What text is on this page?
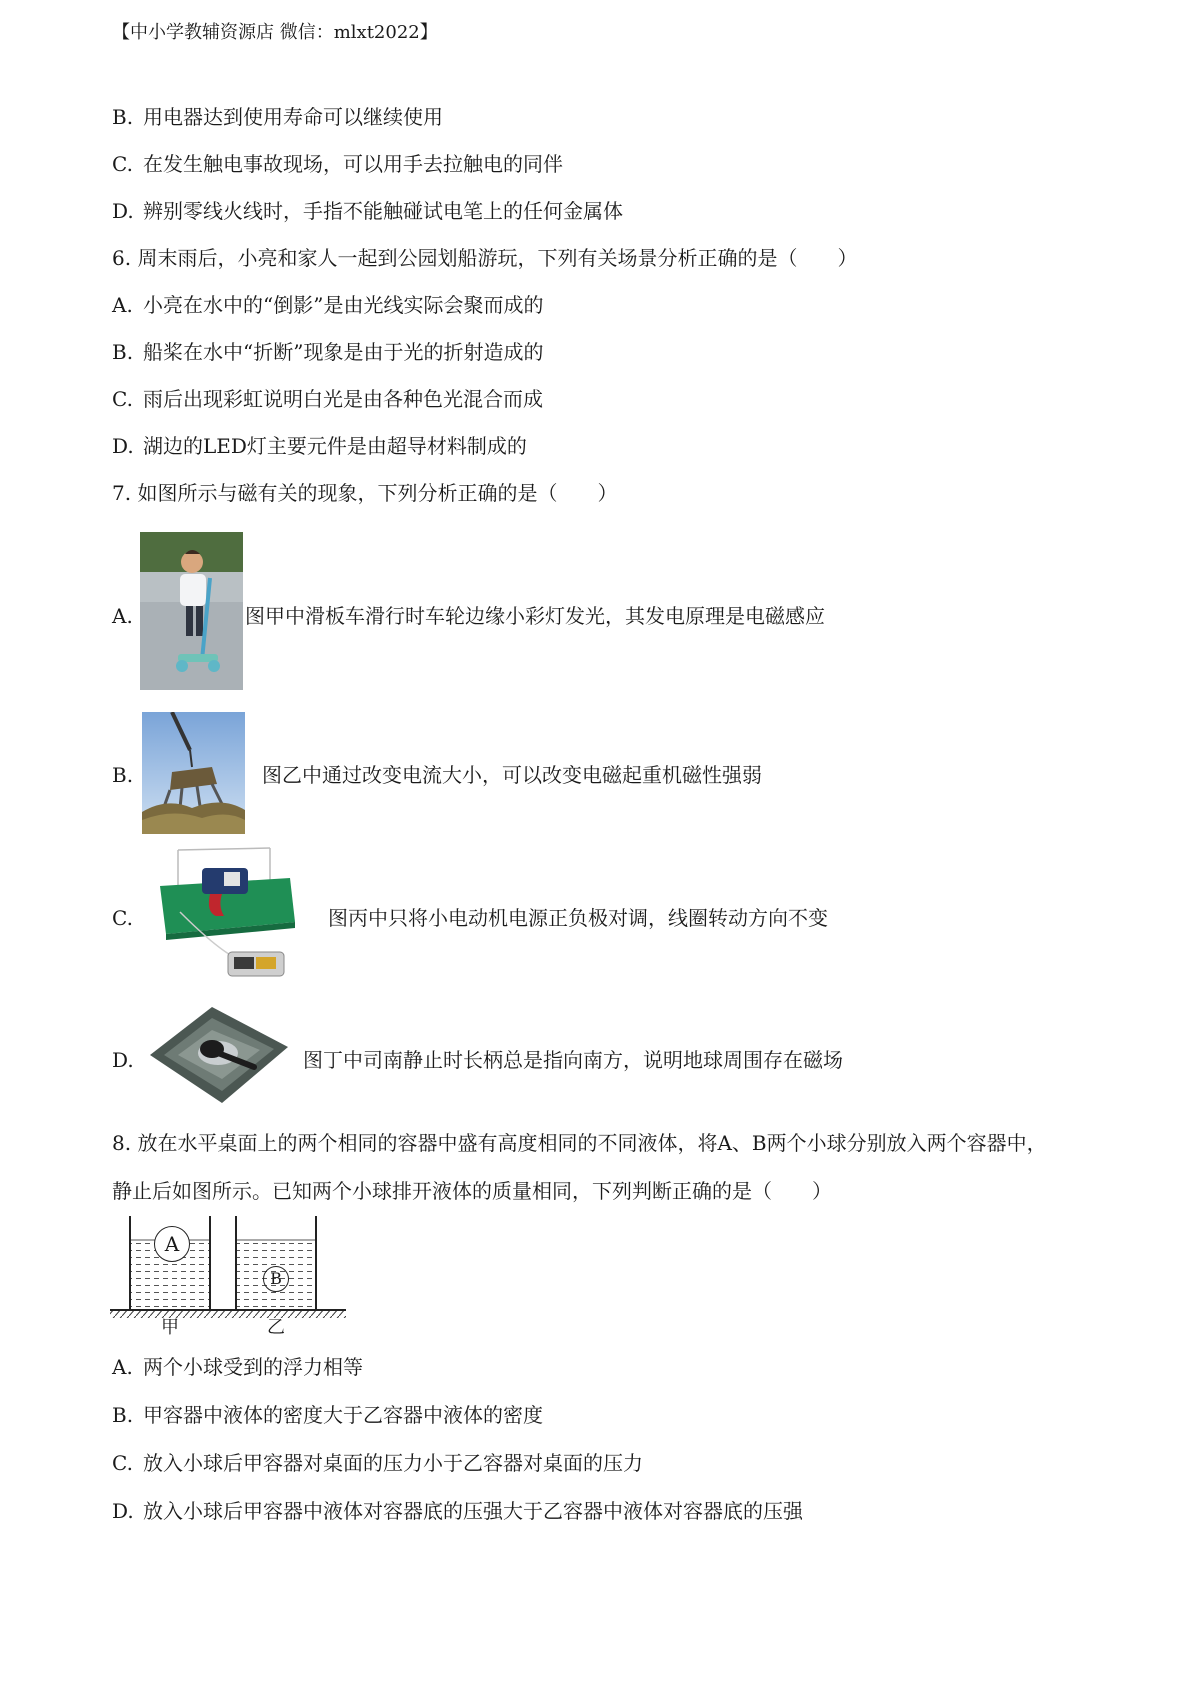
【中小学教辅资源店 微信：mlxt2022】
B. 用电器达到使用寿命可以继续使用
C. 在发生触电事故现场，可以用手去拉触电的同伴
D. 辨别零线火线时，手指不能触碰试电笔上的任何金属体
6. 周末雨后，小亮和家人一起到公园划船游玩，下列有关场景分析正确的是（　　）
A. 小亮在水中的“倒影”是由光线实际会聚而成的
B. 船桨在水中“折断”现象是由于光的折射造成的
C. 雨后出现彩虹说明白光是由各种色光混合而成
D. 湖边的LED灯主要元件是由超导材料制成的
7. 如图所示与磁有关的现象，下列分析正确的是（　　）
A.	图甲中滑板车滑行时车轮边缘小彩灯发光，其发电原理是电磁感应
B.	图乙中通过改变电流大小，可以改变电磁起重机磁性强弱
C.	图丙中只将小电动机电源正负极对调，线圈转动方向不变
D.	图丁中司南静止时长柄总是指向南方，说明地球周围存在磁场
8. 放在水平桌面上的两个相同的容器中盛有高度相同的不同液体，将A、B两个小球分别放入两个容器中，
静止后如图所示。已知两个小球排开液体的质量相同，下列判断正确的是（　　）
A
B
甲	乙
A. 两个小球受到的浮力相等
B. 甲容器中液体的密度大于乙容器中液体的密度
C. 放入小球后甲容器对桌面的压力小于乙容器对桌面的压力
D. 放入小球后甲容器中液体对容器底的压强大于乙容器中液体对容器底的压强
